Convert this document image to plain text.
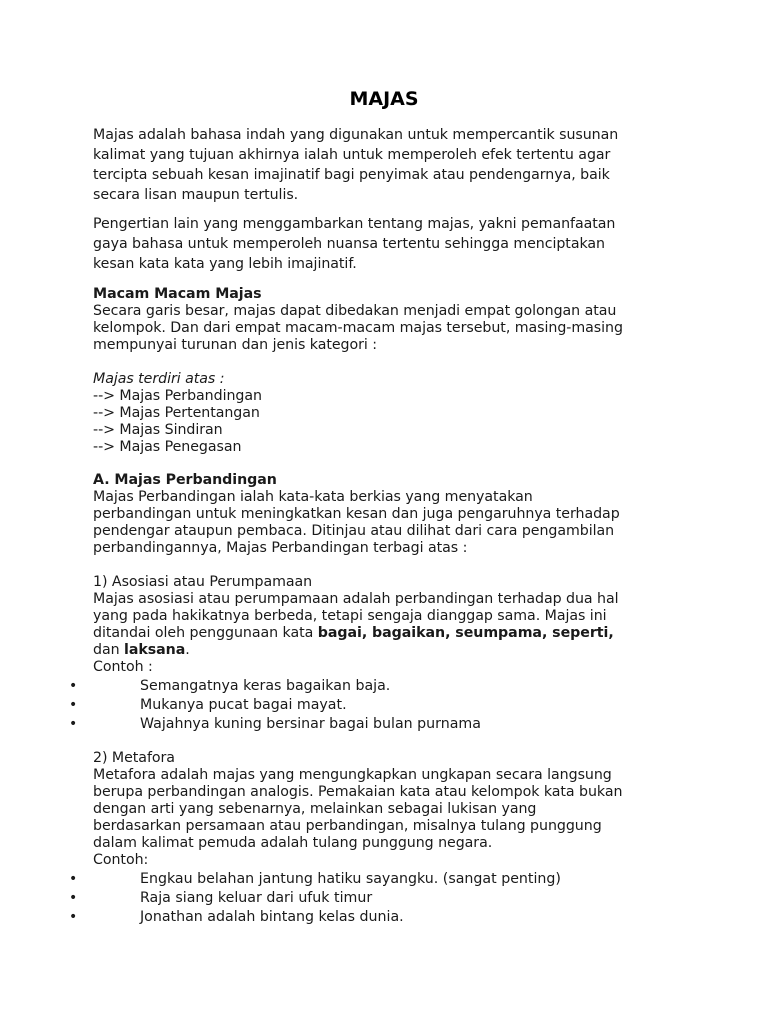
MAJAS
Majas adalah bahasa indah yang digunakan untuk mempercantik susunan
kalimat yang tujuan akhirnya ialah untuk memperoleh efek tertentu agar
tercipta sebuah kesan imajinatif bagi penyimak atau pendengarnya, baik
secara lisan maupun tertulis.
Pengertian lain yang menggambarkan tentang majas, yakni pemanfaatan
gaya bahasa untuk memperoleh nuansa tertentu sehingga menciptakan
kesan kata kata yang lebih imajinatif.
Macam Macam Majas
Secara garis besar, majas dapat dibedakan menjadi empat golongan atau
kelompok. Dan dari empat macam-macam majas tersebut, masing-masing
mempunyai turunan dan jenis kategori :
Majas terdiri atas :
--> Majas Perbandingan
--> Majas Pertentangan
--> Majas Sindiran
--> Majas Penegasan
A. Majas Perbandingan
Majas Perbandingan ialah kata-kata berkias yang menyatakan
perbandingan untuk meningkatkan kesan dan juga pengaruhnya terhadap
pendengar ataupun pembaca. Ditinjau atau dilihat dari cara pengambilan
perbandingannya, Majas Perbandingan terbagi atas :
1) Asosiasi atau Perumpamaan
Majas asosiasi atau perumpamaan adalah perbandingan terhadap dua hal
yang pada hakikatnya berbeda, tetapi sengaja dianggap sama. Majas ini
ditandai oleh penggunaan kata bagai, bagaikan, seumpama, seperti,
dan laksana.
Contoh :
•	Semangatnya keras bagaikan baja.
•	Mukanya pucat bagai mayat.
•	Wajahnya kuning bersinar bagai bulan purnama
2) Metafora
Metafora adalah majas yang mengungkapkan ungkapan secara langsung
berupa perbandingan analogis. Pemakaian kata atau kelompok kata bukan
dengan arti yang sebenarnya, melainkan sebagai lukisan yang
berdasarkan persamaan atau perbandingan, misalnya tulang punggung
dalam kalimat pemuda adalah tulang punggung negara.
Contoh:
•	Engkau belahan jantung hatiku sayangku. (sangat penting)
•	Raja siang keluar dari ufuk timur
•	Jonathan adalah bintang kelas dunia.
